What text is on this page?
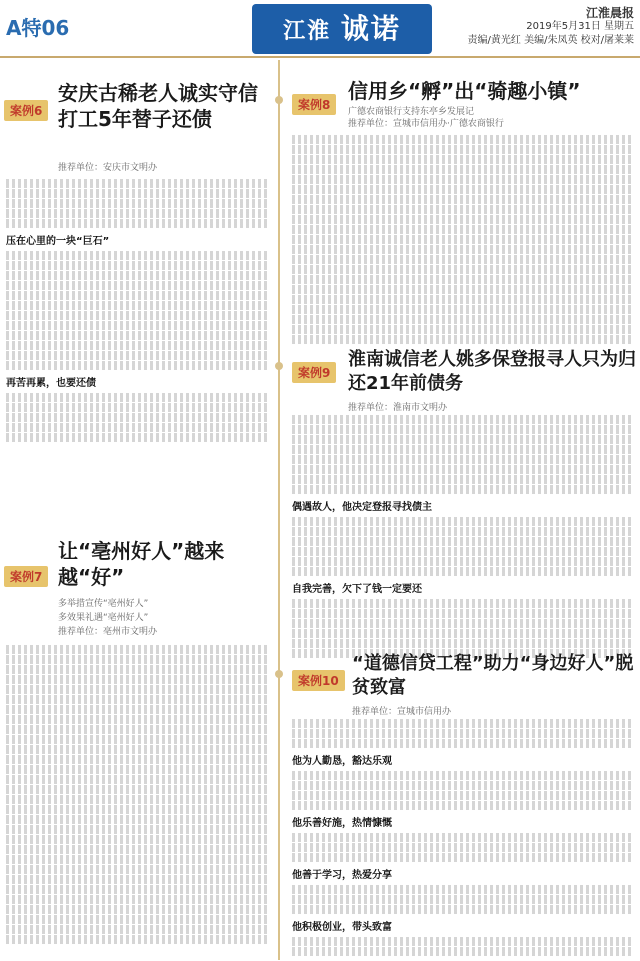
A特06	江淮 诚诺	江淮晨报
2019年5月31日 星期五
责编/黄光红 美编/朱凤英 校对/屠莱莱
案例6
安庆古稀老人诚实守信打工5年替子还债
推荐单位：安庆市文明办
压在心里的一块“巨石”
再苦再累，也要还债
案例7
让“亳州好人”越来越“好”
多举措宣传“亳州好人”
多效果礼遇“亳州好人”
推荐单位：亳州市文明办
案例8
信用乡“孵”出“骑趣小镇”
广德农商银行支持东亭乡发展记
推荐单位：宣城市信用办·广德农商银行
案例9
淮南诚信老人姚多保登报寻人只为归还21年前债务
推荐单位：淮南市文明办
偶遇故人，他决定登报寻找债主
自我完善，欠下了钱一定要还
案例10
“道德信贷工程”助力“身边好人”脱贫致富
推荐单位：宣城市信用办
他为人勤恳，豁达乐观
他乐善好施，热情慷慨
他善于学习，热爱分享
他积极创业，带头致富
